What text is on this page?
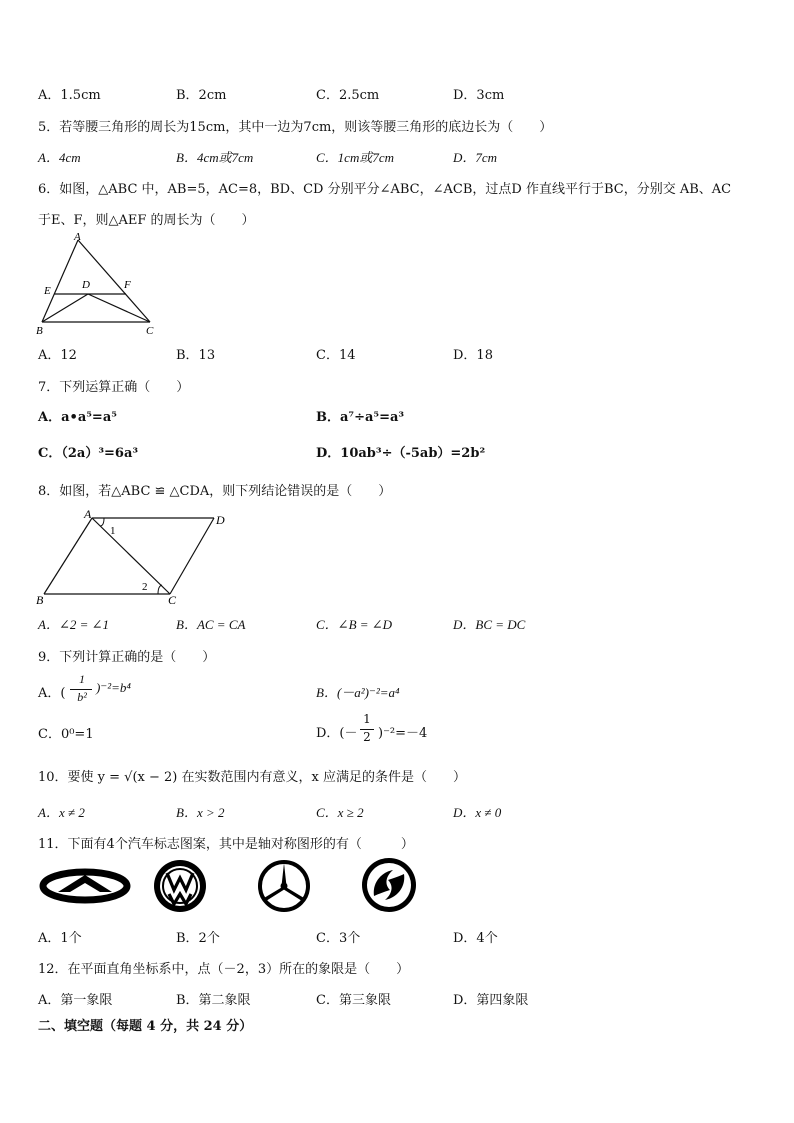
A．1.5cm	B．2cm	C．2.5cm	D．3cm
5．若等腰三角形的周长为15cm，其中一边为7cm，则该等腰三角形的底边长为（　　）
A．4cm	B．4cm或7cm	C．1cm或7cm	D．7cm
6．如图，△ABC 中，AB=5，AC=8，BD、CD 分别平分∠ABC，∠ACB，过点D 作直线平行于BC，分别交 AB、AC
于E、F，则△AEF 的周长为（　　）
A
E	D	F
B	C
A．12	B．13	C．14	D．18
7．下列运算正确（　　）
A．a•a⁵=a⁵	B．a⁷÷a⁵=a³
C．（2a）³=6a³	D．10ab³÷（-5ab）=2b²
8．如图，若△ABC ≌ △CDA，则下列结论错误的是（　　）
A	D
B	C
1
2
A．∠2 = ∠1	B．AC = CA	C．∠B = ∠D	D．BC = DC
9．下列计算正确的是（　　）
A．(
1
b²
)⁻²=b⁴	B．(－a²)⁻²=a⁴
C．0⁰=1	D．(－
1
2 )⁻²=－4
10．要使 y = √(x − 2) 在实数范围内有意义，x 应满足的条件是（　　）
A．x ≠ 2	B．x > 2	C．x ≥ 2	D．x ≠ 0
11．下面有4个汽车标志图案，其中是轴对称图形的有（　　　）
A．1个	B．2个	C．3个	D．4个
12．在平面直角坐标系中，点（－2，3）所在的象限是（　　）
A．第一象限	B．第二象限	C．第三象限	D．第四象限
二、填空题（每题 4 分，共 24 分）
